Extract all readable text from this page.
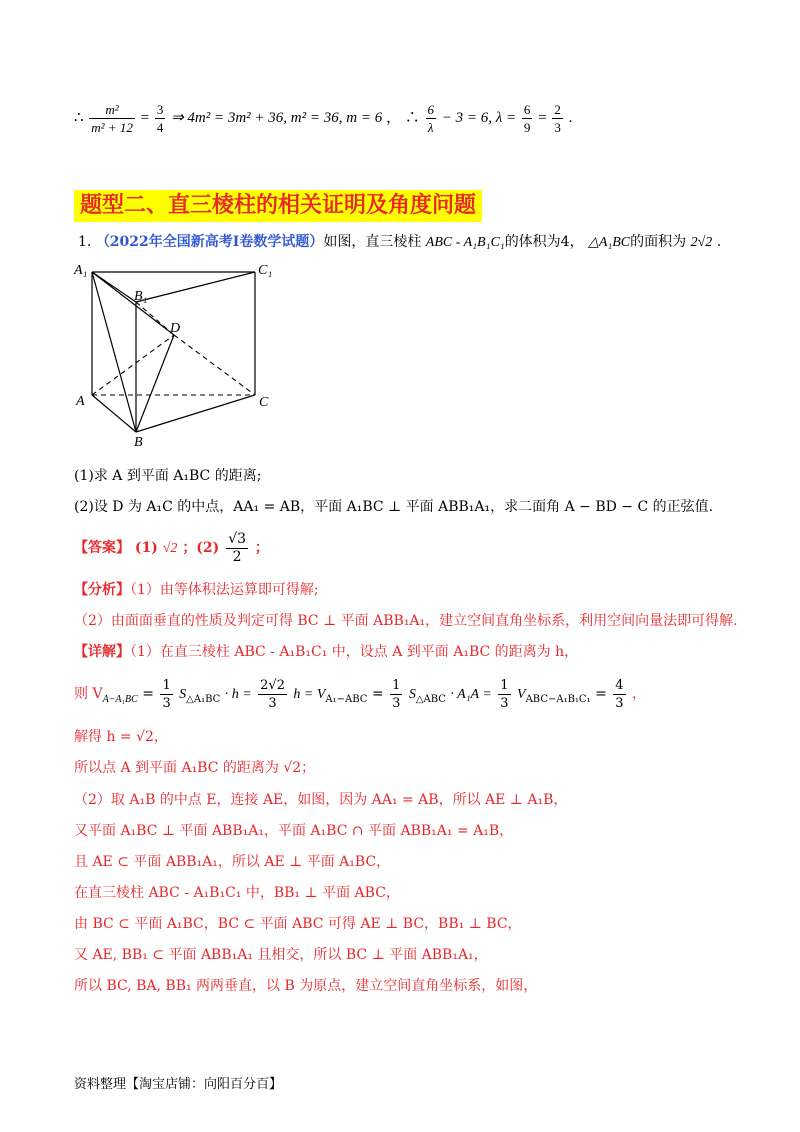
∴ $\frac{\text{m²}}{\text{m² + 12}} = \frac{3}{4}$ ⇒ 4m² = 3m² + 36, m² = 36, m = 6 ， ∴ $\frac{6}{\lambda} - 3 = 6$, $\lambda = \frac{6}{9} = \frac{2}{3}$ .
题型二、直三棱柱的相关证明及角度问题
1. （2022年全国新高考Ⅰ卷数学试题）如图，直三棱柱 ABC - A₁B₁C₁的体积为4， △A₁BC的面积为 2√2 .
A₁
B₁
C₁
D
A
B
C
(1)求 A 到平面 A₁BC 的距离;
(2)设 D 为 A₁C 的中点，AA₁ = AB，平面 A₁BC ⊥ 平面 ABB₁A₁，求二面角 A − BD − C 的正弦值.
【答案】 (1) √2 ；$(2) \frac{√3}{2}$ ；
【分析】（1）由等体积法运算即可得解;
（2）由面面垂直的性质及判定可得 BC ⊥ 平面 ABB₁A₁，建立空间直角坐标系，利用空间向量法即可得解.
【详解】（1）在直三棱柱 ABC - A₁B₁C₁ 中，设点 A 到平面 A₁BC 的距离为 h，
则 $V_{A-A_1BC} = \frac{1}{3} S_{\triangle A_1BC} \cdot h = \frac{2√2}{3}$ $h = V_{A_1-ABC} = \frac{1}{3} S_{\triangle ABC} \cdot A_1A = \frac{1}{3} V_{ABC-A_1B_1C_1} = \frac{4}{3}$ ，
解得 h = √2，
所以点 A 到平面 A₁BC 的距离为 √2；
（2）取 A₁B 的中点 E，连接 AE，如图，因为 AA₁ = AB，所以 AE ⊥ A₁B，
又平面 A₁BC ⊥ 平面 ABB₁A₁，平面 A₁BC ∩ 平面 ABB₁A₁ = A₁B，
且 AE ⊂ 平面 ABB₁A₁，所以 AE ⊥ 平面 A₁BC，
在直三棱柱 ABC - A₁B₁C₁ 中，BB₁ ⊥ 平面 ABC，
由 BC ⊂ 平面 A₁BC，BC ⊂ 平面 ABC 可得 AE ⊥ BC，BB₁ ⊥ BC，
又 AE, BB₁ ⊂ 平面 ABB₁A₁ 且相交，所以 BC ⊥ 平面 ABB₁A₁，
所以 BC, BA, BB₁ 两两垂直，以 B 为原点，建立空间直角坐标系，如图，
资料整理【淘宝店铺：向阳百分百】
